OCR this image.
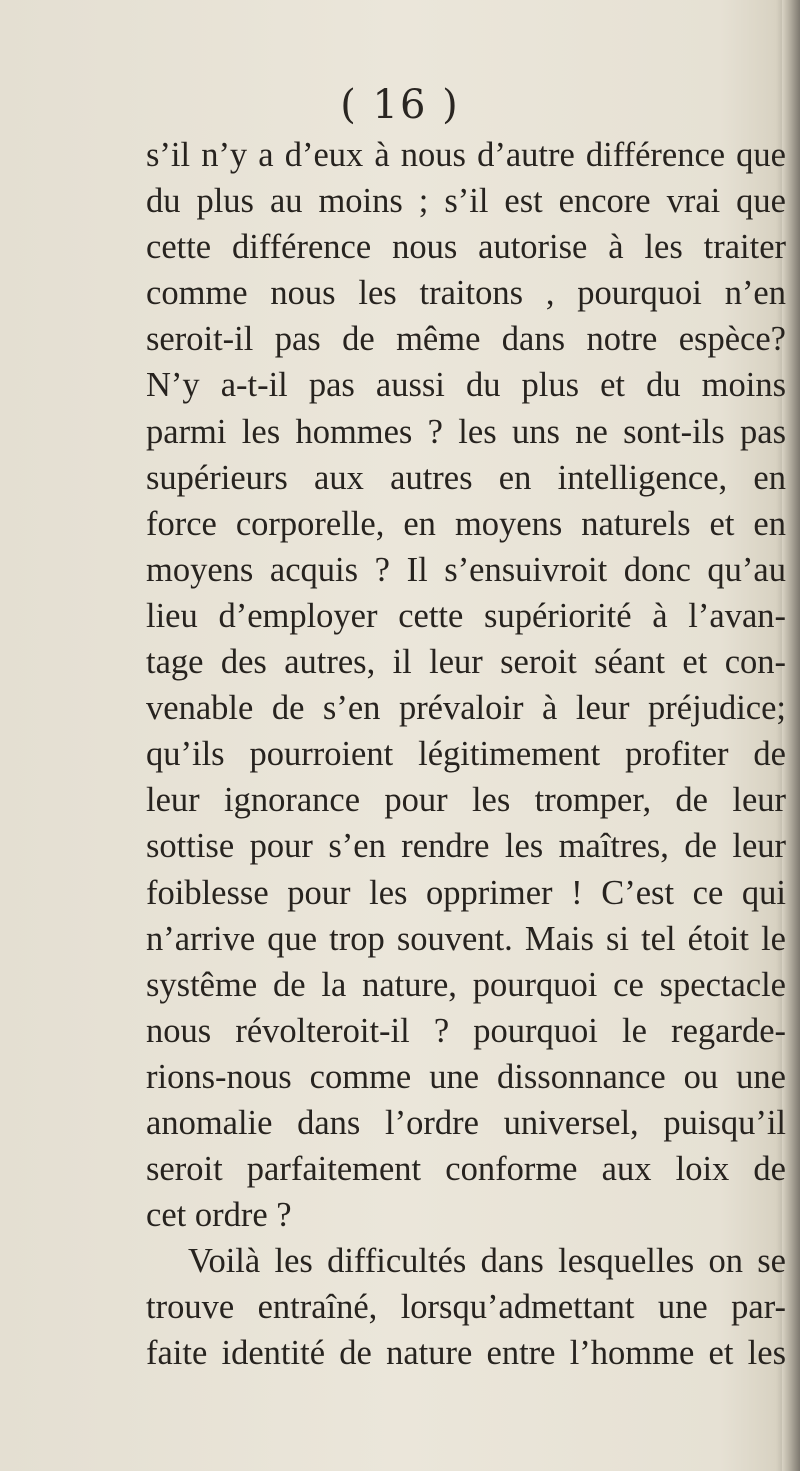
( 16 )
s’il n’y a d’eux à nous d’autre différence que
du plus au moins ; s’il est encore vrai que
cette différence nous autorise à les traiter
comme nous les traitons , pourquoi n’en
seroit-il pas de même dans notre espèce?
N’y a-t-il pas aussi du plus et du moins
parmi les hommes ? les uns ne sont-ils pas
supérieurs aux autres en intelligence, en
force corporelle, en moyens naturels et en
moyens acquis ? Il s’ensuivroit donc qu’au
lieu d’employer cette supériorité à l’avan-
tage des autres, il leur seroit séant et con-
venable de s’en prévaloir à leur préjudice;
qu’ils pourroient légitimement profiter de
leur ignorance pour les tromper, de leur
sottise pour s’en rendre les maîtres, de leur
foiblesse pour les opprimer ! C’est ce qui
n’arrive que trop souvent. Mais si tel étoit le
systême de la nature, pourquoi ce spectacle
nous révolteroit-il ? pourquoi le regarde-
rions-nous comme une dissonnance ou une
anomalie dans l’ordre universel, puisqu’il
seroit parfaitement conforme aux loix de
cet ordre ?
Voilà les difficultés dans lesquelles on se
trouve entraîné, lorsqu’admettant une par-
faite identité de nature entre l’homme et les
